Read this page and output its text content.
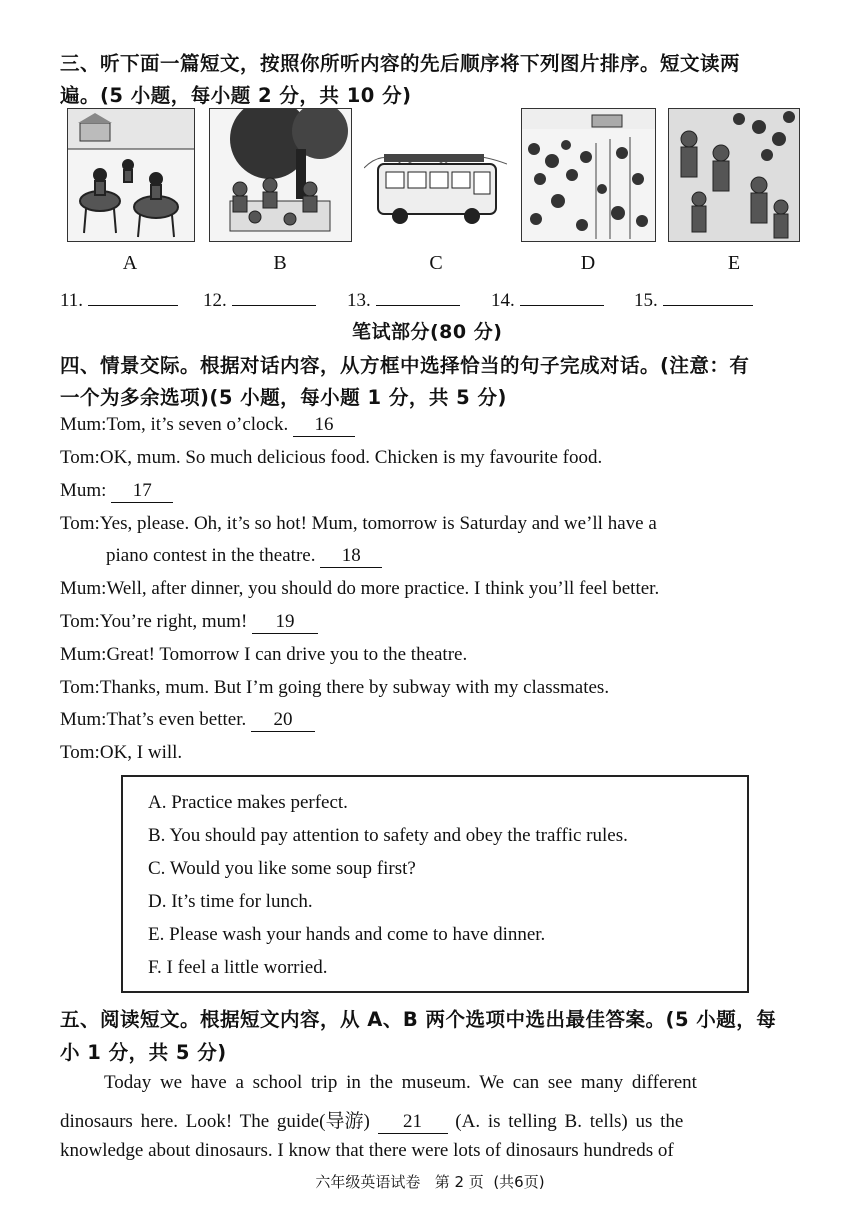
三、听下面一篇短文，按照你所听内容的先后顺序将下列图片排序。短文读两
遍。(5 小题，每小题 2 分，共 10 分)
A	B	C	D	E
11.	12.	13.	14.	15.
笔试部分(80 分)
四、情景交际。根据对话内容，从方框中选择恰当的句子完成对话。(注意：有
一个为多余选项)(5 小题，每小题 1 分，共 5 分)
Mum:Tom, it’s seven o’clock. 16
Tom:OK, mum. So much delicious food. Chicken is my favourite food.
Mum: 17
Tom:Yes, please. Oh, it’s so hot! Mum, tomorrow is Saturday and we’ll have a
piano contest in the theatre. 18
Mum:Well, after dinner, you should do more practice. I think you’ll feel better.
Tom:You’re right, mum! 19
Mum:Great! Tomorrow I can drive you to the theatre.
Tom:Thanks, mum. But I’m going there by subway with my classmates.
Mum:That’s even better. 20
Tom:OK, I will.
A. Practice makes perfect.
B. You should pay attention to safety and obey the traffic rules.
C. Would you like some soup first?
D. It’s time for lunch.
E. Please wash your hands and come to have dinner.
F. I feel a little worried.
五、阅读短文。根据短文内容，从 A、B 两个选项中选出最佳答案。(5 小题，每
小 1 分，共 5 分)
Today we have a school trip in the museum. We can see many different
dinosaurs here. Look! The guide(导游) 21 (A. is telling B. tells) us the
knowledge about dinosaurs. I know that there were lots of dinosaurs hundreds of
六年级英语试卷   第 2 页  (共6页)
